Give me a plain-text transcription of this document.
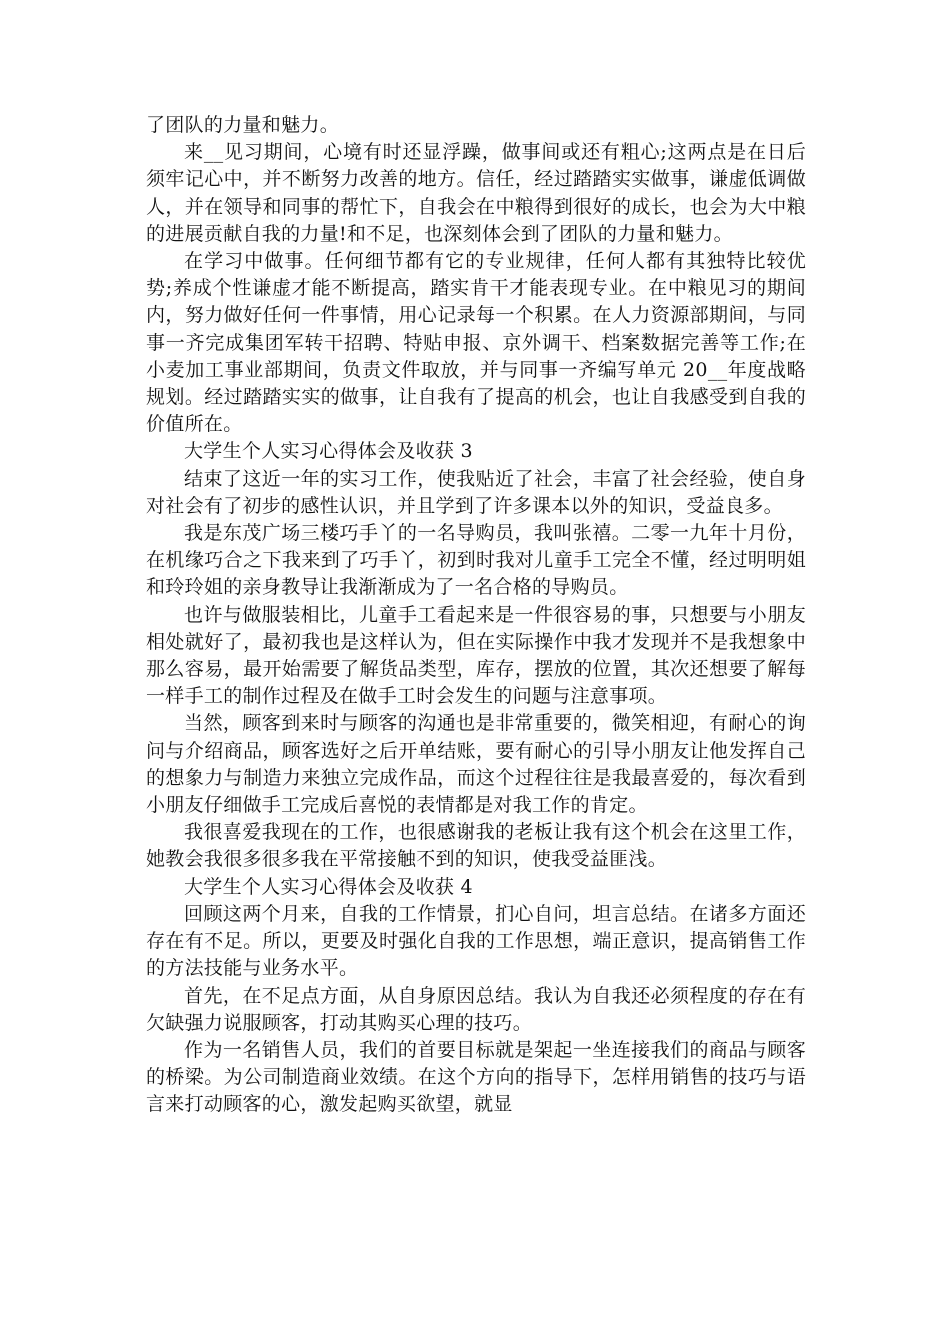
了团队的力量和魅力。

来__见习期间，心境有时还显浮躁，做事间或还有粗心;这两点是在日后须牢记心中，并不断努力改善的地方。信任，经过踏踏实实做事，谦虚低调做人，并在领导和同事的帮忙下，自我会在中粮得到很好的成长，也会为大中粮的进展贡献自我的力量!和不足，也深刻体会到了团队的力量和魅力。

在学习中做事。任何细节都有它的专业规律，任何人都有其独特比较优势;养成个性谦虚才能不断提高，踏实肯干才能表现专业。在中粮见习的期间内，努力做好任何一件事情，用心记录每一个积累。在人力资源部期间，与同事一齐完成集团军转干招聘、特贴申报、京外调干、档案数据完善等工作;在小麦加工事业部期间，负责文件取放，并与同事一齐编写单元 20__年度战略规划。经过踏踏实实的做事，让自我有了提高的机会，也让自我感受到自我的价值所在。

大学生个人实习心得体会及收获 3

结束了这近一年的实习工作，使我贴近了社会，丰富了社会经验，使自身对社会有了初步的感性认识，并且学到了许多课本以外的知识，受益良多。

我是东茂广场三楼巧手丫的一名导购员，我叫张禧。二零一九年十月份，在机缘巧合之下我来到了巧手丫，初到时我对儿童手工完全不懂，经过明明姐和玲玲姐的亲身教导让我渐渐成为了一名合格的导购员。

也许与做服装相比，儿童手工看起来是一件很容易的事，只想要与小朋友相处就好了，最初我也是这样认为，但在实际操作中我才发现并不是我想象中那么容易，最开始需要了解货品类型，库存，摆放的位置，其次还想要了解每一样手工的制作过程及在做手工时会发生的问题与注意事项。

当然，顾客到来时与顾客的沟通也是非常重要的，微笑相迎，有耐心的询问与介绍商品，顾客选好之后开单结账，要有耐心的引导小朋友让他发挥自己的想象力与制造力来独立完成作品，而这个过程往往是我最喜爱的，每次看到小朋友仔细做手工完成后喜悦的表情都是对我工作的肯定。

我很喜爱我现在的工作，也很感谢我的老板让我有这个机会在这里工作，她教会我很多很多我在平常接触不到的知识，使我受益匪浅。

大学生个人实习心得体会及收获 4

回顾这两个月来，自我的工作情景，扪心自问，坦言总结。在诸多方面还存在有不足。所以，更要及时强化自我的工作思想，端正意识，提高销售工作的方法技能与业务水平。

首先，在不足点方面，从自身原因总结。我认为自我还必须程度的存在有欠缺强力说服顾客，打动其购买心理的技巧。

作为一名销售人员，我们的首要目标就是架起一坐连接我们的商品与顾客的桥梁。为公司制造商业效绩。在这个方向的指导下，怎样用销售的技巧与语言来打动顾客的心，激发起购买欲望，就显
